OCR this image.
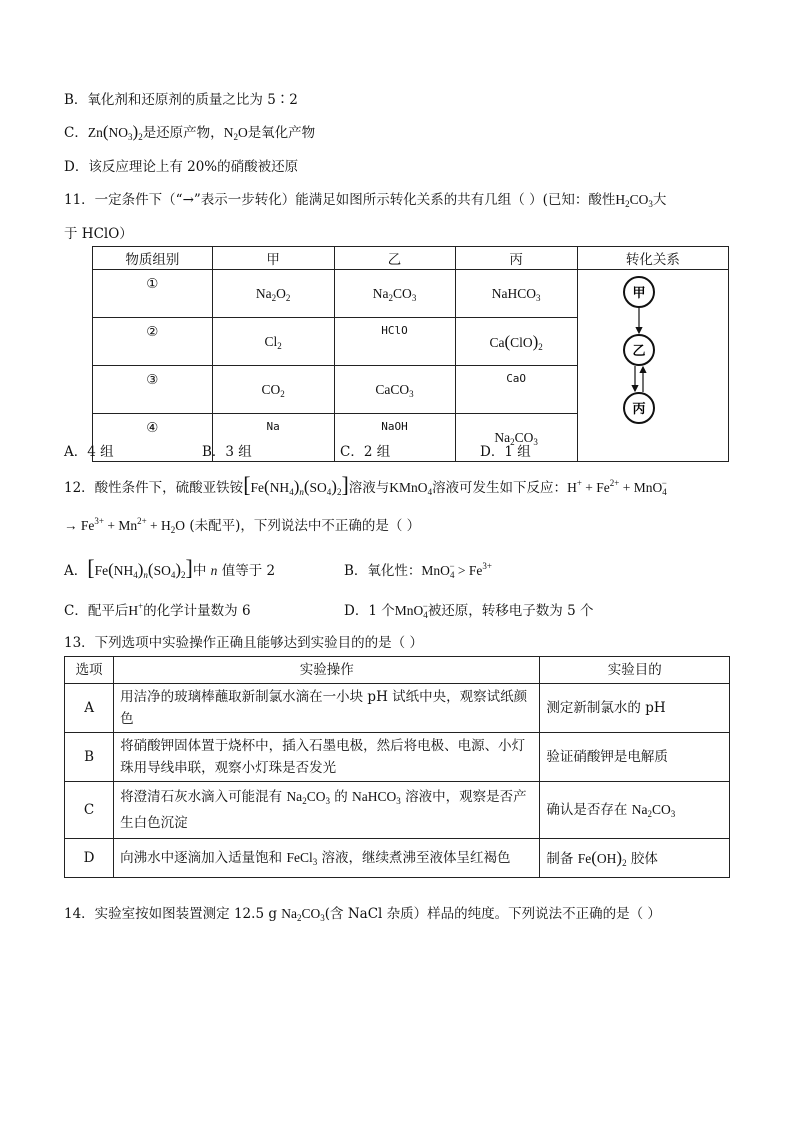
B．氧化剂和还原剂的质量之比为 5∶2
C．$Zn(NO_3)_2$是还原产物，$N_2O$是氧化产物
D．该反应理论上有 20%的硝酸被还原
11．一定条件下（“→”表示一步转化）能满足如图所示转化关系的共有几组（ ）(已知：酸性$H_2CO_3$大
于 HClO）
物质组别	甲	乙	丙	转化关系
①	$Na_2O_2$	$Na_2CO_3$	NaHCO$_3$	甲
乙
丙

②	$Cl_2$	HClO	$Ca(ClO)_2$
③	$CO_2$	CaCO$_3$	CaO	
④	Na	NaOH	$Na_2CO_3$
A．4 组	B．3 组	C．2 组	D．1 组
12．酸性条件下，硫酸亚铁铵$[Fe(NH_4)_n(SO_4)_2]$溶液与KMnO$_4$溶液可发生如下反应：$H^+ + Fe^{2+} + MnO_4^-$
→ $Fe^{3+} + Mn^{2+} + H_2O$ (未配平)，下列说法中不正确的是（ ）
A．$[Fe(NH_4)_n(SO_4)_2]$中 n 值等于 2	B．氧化性：$MnO_4^- > Fe^{3+}$
C．配平后H+的化学计量数为 6	D．1 个MnO$_4$−被还原，转移电子数为 5 个
13．下列选项中实验操作正确且能够达到实验目的的是（ ）
选项	实验操作	实验目的
A	用洁净的玻璃棒蘸取新制氯水滴在一小块 pH 试纸中央，观察试纸颜色	测定新制氯水的 pH
B	将硝酸钾固体置于烧杯中，插入石墨电极，然后将电极、电源、小灯珠用导线串联，观察小灯珠是否发光	验证硝酸钾是电解质
C	将澄清石灰水滴入可能混有 $Na_2CO_3$ 的 NaHCO$_3$ 溶液中，观察是否产生白色沉淀	确认是否存在 $Na_2CO_3$
D	向沸水中逐滴加入适量饱和 FeCl$_3$ 溶液，继续煮沸至液体呈红褐色	制备 $Fe(OH)_2$ 胶体
14．实验室按如图装置测定 12.5 g $Na_2CO_3$(含 NaCl 杂质）样品的纯度。下列说法不正确的是（ ）
